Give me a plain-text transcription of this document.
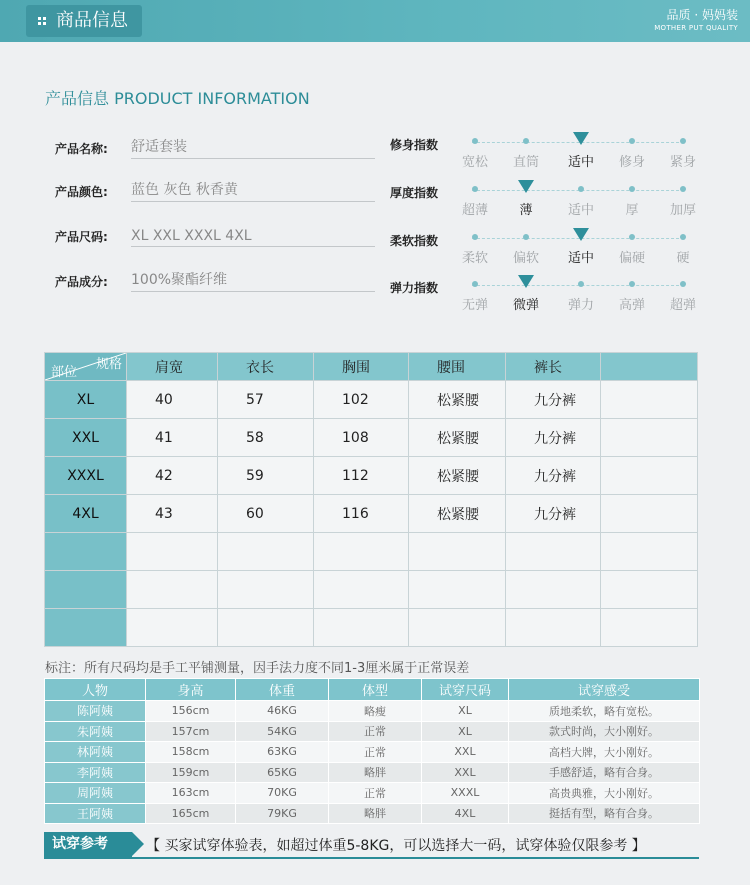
商品信息	品质 · 妈妈装
MOTHER PUT QUALITY
产品信息 PRODUCT INFORMATION
产品名称: 舒适套装
产品颜色: 蓝色 灰色 秋香黄
产品尺码: XL XXL XXXL 4XL
产品成分: 100%聚酯纤维
修身指数
宽松	直筒	适中	修身	紧身
厚度指数
超薄	薄	适中	厚	加厚
柔软指数
柔软	偏软	适中	偏硬	硬
弹力指数
无弹	微弹	弹力	高弹	超弹
规格
部位	肩宽	衣长	胸围	腰围	裤长	
XL	40	57	102	松紧腰	九分裤	
XXL	41	58	108	松紧腰	九分裤	
XXXL	42	59	112	松紧腰	九分裤	
4XL	43	60	116	松紧腰	九分裤	

标注：所有尺码均是手工平铺测量，因手法力度不同1-3厘米属于正常误差
人物	身高	体重	体型	试穿尺码	试穿感受
陈阿姨	156cm	46KG	略瘦	XL	质地柔软，略有宽松。
朱阿姨	157cm	54KG	正常	XL	款式时尚，大小刚好。
林阿姨	158cm	63KG	正常	XXL	高档大牌，大小刚好。
李阿姨	159cm	65KG	略胖	XXL	手感舒适，略有合身。
周阿姨	163cm	70KG	正常	XXXL	高贵典雅，大小刚好。
王阿姨	165cm	79KG	略胖	4XL	挺括有型，略有合身。
试穿参考	【 买家试穿体验表，如超过体重5-8KG，可以选择大一码，试穿体验仅限参考 】
